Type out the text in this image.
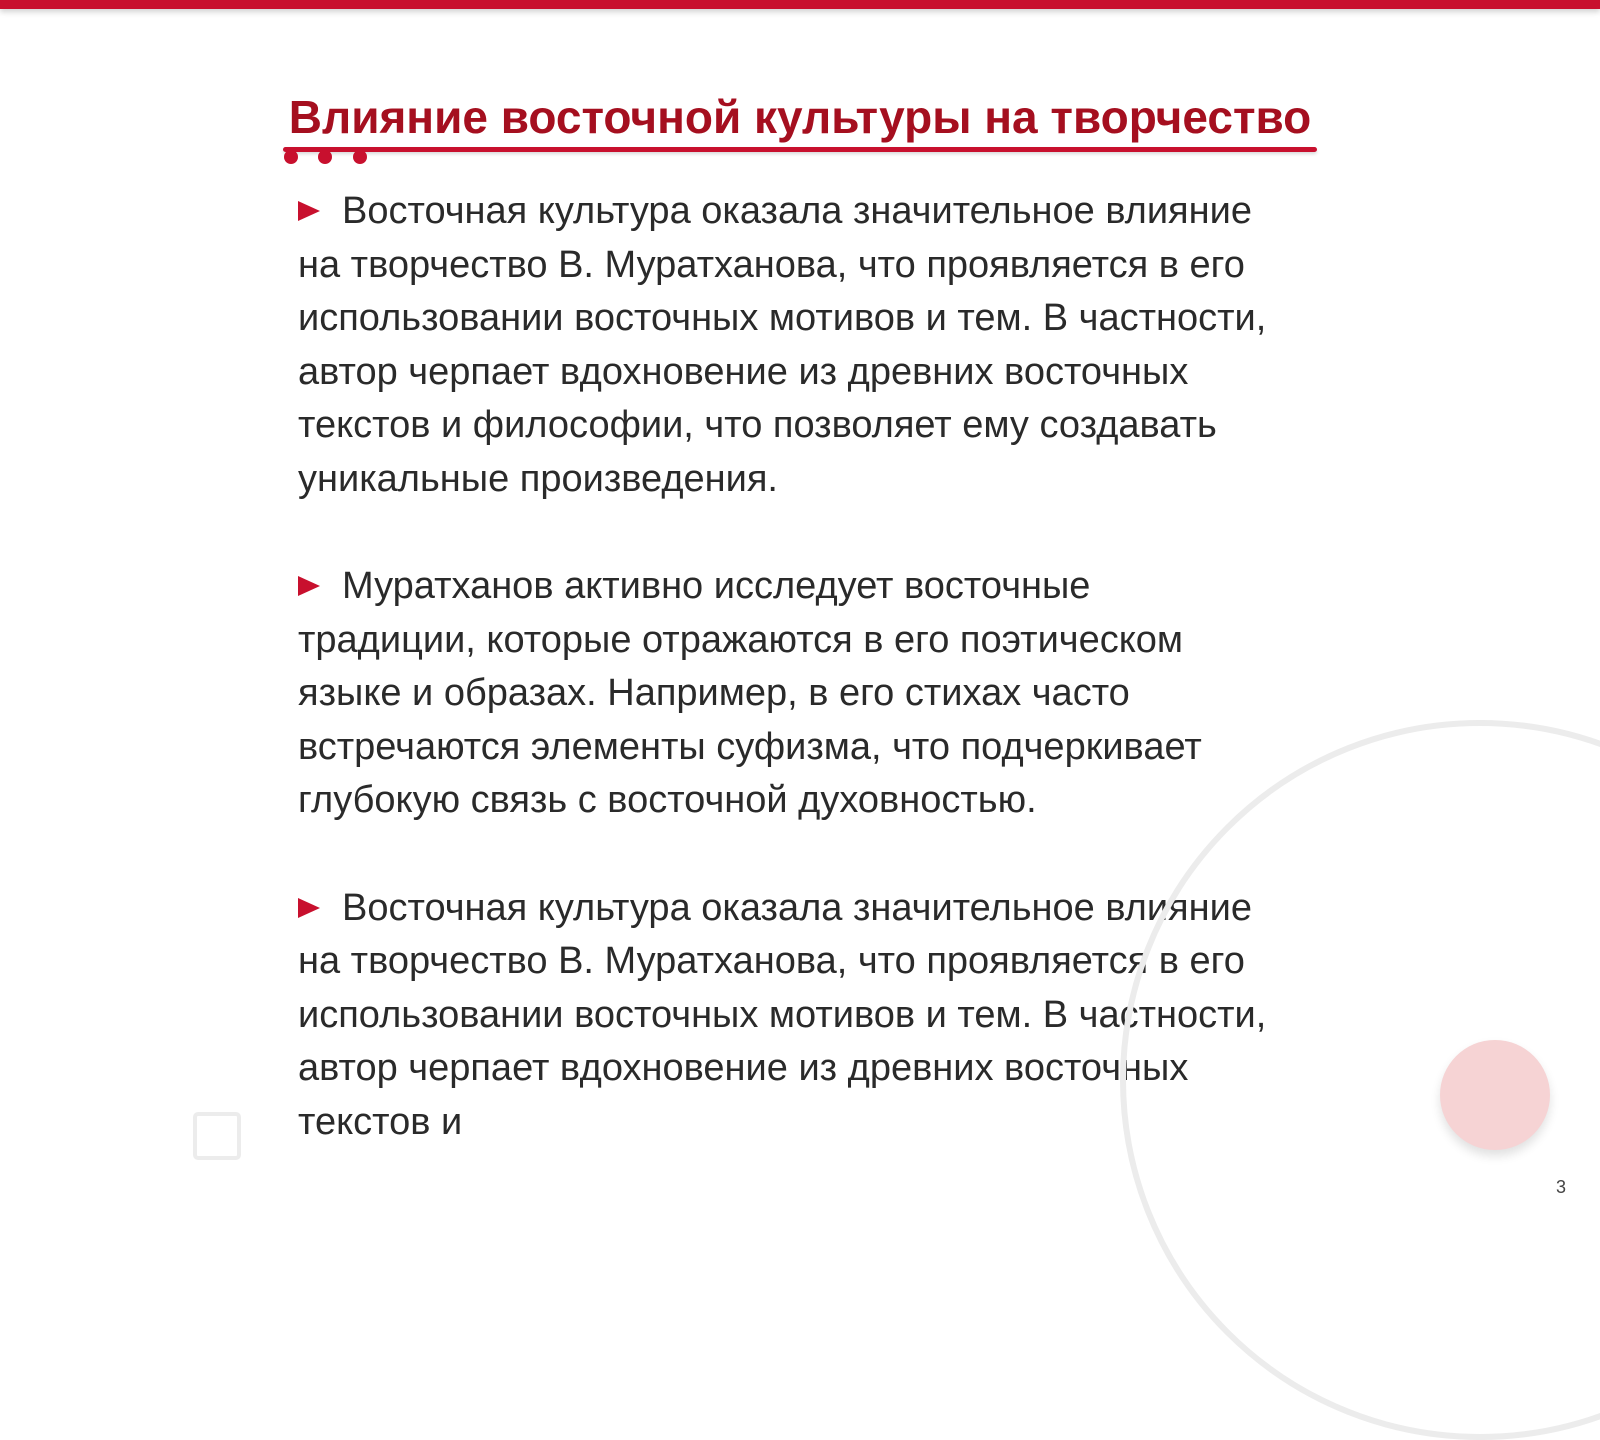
Влияние восточной культуры на творчество

Восточная культура оказала значительное влияние на творчество В. Муратханова, что проявляется в его использовании восточных мотивов и тем. В частности, автор черпает вдохновение из древних восточных текстов и философии, что позволяет ему создавать уникальные произведения.

Муратханов активно исследует восточные традиции, которые отражаются в его поэтическом языке и образах. Например, в его стихах часто встречаются элементы суфизма, что подчеркивает глубокую связь с восточной духовностью.

Восточная культура оказала значительное влияние на творчество В. Муратханова, что проявляется в его использовании восточных мотивов и тем. В частности, автор черпает вдохновение из древних восточных текстов и

3
